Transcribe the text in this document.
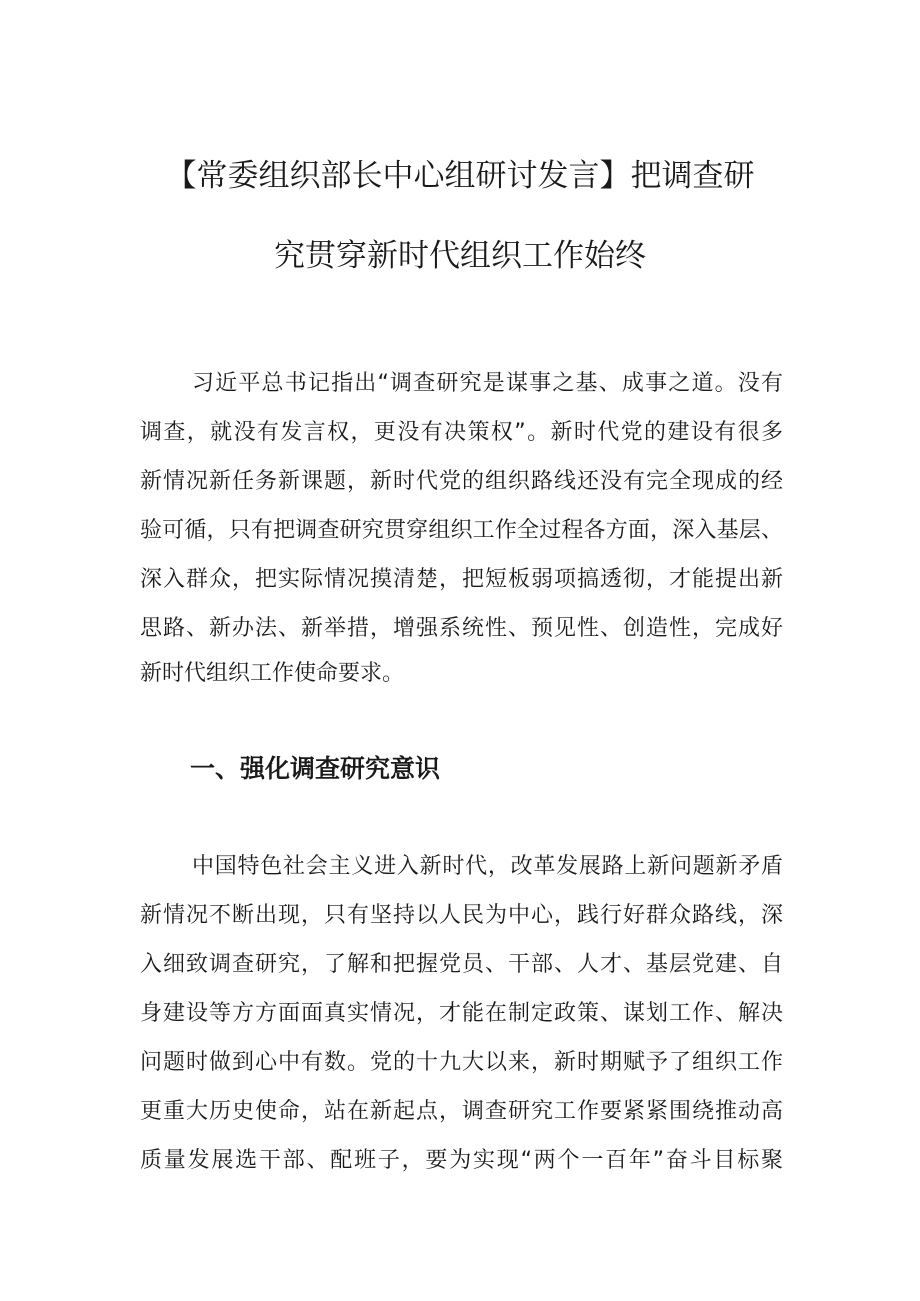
【常委组织部长中心组研讨发言】把调查研
究贯穿新时代组织工作始终

习近平总书记指出“调查研究是谋事之基、成事之道。没有

调查，就没有发言权，更没有决策权”。新时代党的建设有很多

新情况新任务新课题，新时代党的组织路线还没有完全现成的经

验可循，只有把调查研究贯穿组织工作全过程各方面，深入基层、

深入群众，把实际情况摸清楚，把短板弱项搞透彻，才能提出新

思路、新办法、新举措，增强系统性、预见性、创造性，完成好

新时代组织工作使命要求。

一、强化调查研究意识

中国特色社会主义进入新时代，改革发展路上新问题新矛盾

新情况不断出现，只有坚持以人民为中心，践行好群众路线，深

入细致调查研究，了解和把握党员、干部、人才、基层党建、自

身建设等方方面面真实情况，才能在制定政策、谋划工作、解决

问题时做到心中有数。党的十九大以来，新时期赋予了组织工作

更重大历史使命，站在新起点，调查研究工作要紧紧围绕推动高

质量发展选干部、配班子，要为实现“两个一百年”奋斗目标聚
